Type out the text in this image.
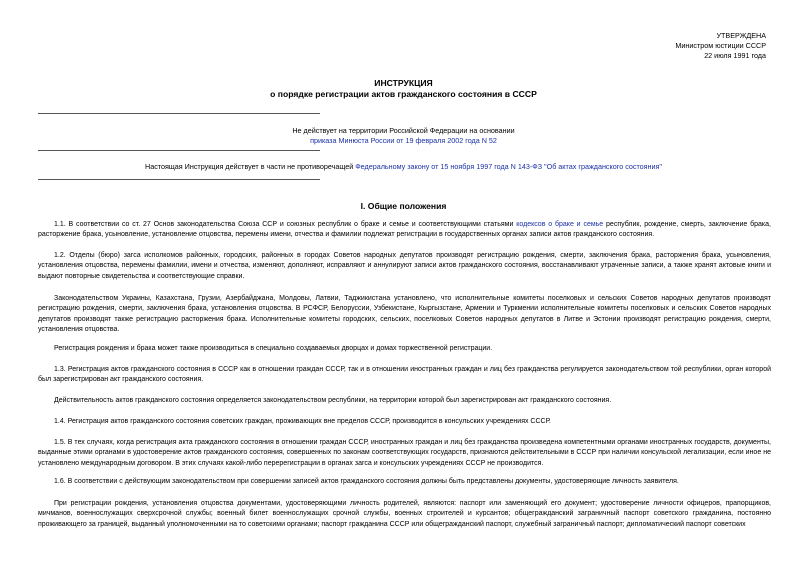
УТВЕРЖДЕНА
Министром юстиции СССР
22 июля 1991 года
ИНСТРУКЦИЯ
о порядке регистрации актов гражданского состояния в СССР
Не действует на территории Российской Федерации на основании
приказа Минюста России от 19 февраля 2002 года N 52
Настоящая Инструкция действует в части не противоречащей Федеральному закону от 15 ноября 1997 года N 143-ФЗ "Об актах гражданского состояния"
I. Общие положения
1.1. В соответствии со ст. 27 Основ законодательства Союза ССР и союзных республик о браке и семье и соответствующими статьями кодексов о браке и семье республик, рождение, смерть, заключение брака, расторжение брака, усыновление, установление отцовства, перемены имени, отчества и фамилии подлежат регистрации в государственных органах записи актов гражданского состояния.
1.2. Отделы (бюро) загса исполкомов районных, городских, районных в городах Советов народных депутатов производят регистрацию рождения, смерти, заключения брака, расторжения брака, усыновления, установления отцовства, перемены фамилии, имени и отчества, изменяют, дополняют, исправляют и аннулируют записи актов гражданского состояния, восстанавливают утраченные записи, а также хранят актовые книги и выдают повторные свидетельства и соответствующие справки.
Законодательством Украины, Казахстана, Грузии, Азербайджана, Молдовы, Латвии, Таджикистана установлено, что исполнительные комитеты поселковых и сельских Советов народных депутатов производят регистрацию рождения, смерти, заключения брака, установления отцовства. В РСФСР, Белоруссии, Узбекистане, Кыргызстане, Армении и Туркмении исполнительные комитеты поселковых и сельских Советов народных депутатов производят также регистрацию расторжения брака. Исполнительные комитеты городских, сельских, поселковых Советов народных депутатов в Литве и Эстонии производят регистрацию рождения, смерти, установления отцовства.
Регистрация рождения и брака может также производиться в специально создаваемых дворцах и домах торжественной регистрации.
1.3. Регистрация актов гражданского состояния в СССР как в отношении граждан СССР, так и в отношении иностранных граждан и лиц без гражданства регулируется законодательством той республики, орган которой был зарегистрирован акт гражданского состояния.
Действительность актов гражданского состояния определяется законодательством республики, на территории которой был зарегистрирован акт гражданского состояния.
1.4. Регистрация актов гражданского состояния советских граждан, проживающих вне пределов СССР, производится в консульских учреждениях СССР.
1.5. В тех случаях, когда регистрация акта гражданского состояния в отношении граждан СССР, иностранных граждан и лиц без гражданства произведена компетентными органами иностранных государств, документы, выданные этими органами в удостоверение актов гражданского состояния, совершенных по законам соответствующих государств, признаются действительными в СССР при наличии консульской легализации, если иное не установлено международным договором. В этих случаях какой-либо перерегистрации в органах загса и консульских учреждениях СССР не производится.
1.6. В соответствии с действующим законодательством при совершении записей актов гражданского состояния должны быть представлены документы, удостоверяющие личность заявителя.
При регистрации рождения, установления отцовства документами, удостоверяющими личность родителей, являются: паспорт или заменяющий его документ; удостоверение личности офицеров, прапорщиков, мичманов, военнослужащих сверхсрочной службы; военный билет военнослужащих срочной службы, военных строителей и курсантов; общегражданский заграничный паспорт советского гражданина, постоянно проживающего за границей, выданный уполномоченными на то советскими органами; паспорт гражданина СССР или общегражданский паспорт, служебный заграничный паспорт; дипломатический паспорт советских
